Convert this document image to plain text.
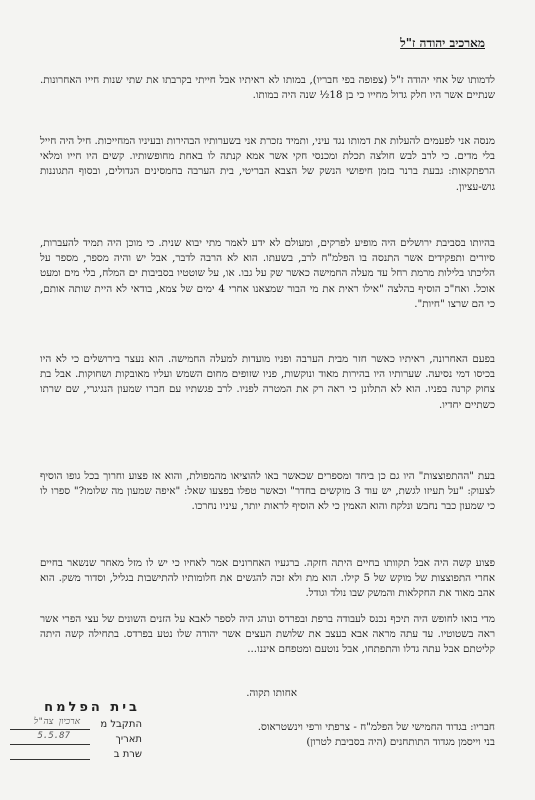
מארכיב יהודה ז"ל
לדמותו של אחי יהודה ז"ל (צפופה בפי חבריו), במותו לא ראיתיו אבל חייתי בקרבתו את שתי שנות חייו האחרונות. שנתיים אשר היו חלק גדול מחייו כי בן 18½ שנה היה במותו.
מנסה אני לפעמים להעלות את דמותו נגד עיני, ותמיד נזכרת אני בשערותיו הבהירות ובעיניו המחייכות. חיל היה חייל בלי מדים. כי לרב לבש חולצה תכלת ומכנסי חקי אשר אמא קנתה לו באחת מחופשותיו. קשים היו חייו ומלאי הרפתקאות: גבעת ברנר בזמן חיפושי הנשק של הצבא הבריטי, בית הערבה בחמסינים הגדולים, ובסוף התגוננות גוש-עציון.
בהיותו בסביבת ירושלים היה מופיע לפרקים, ומעולם לא ידע לאמר מתי יבוא שנית. כי מוכן היה תמיד להעברות, סיורים ותפקידים אשר התנסה בו הפלמ"ח לרב, בשעתו. הוא לא הרבה לדבר, אבל יש והיה מספר, מספר על הליכתו בלילות מרמת רחל עד מעלה החמישה כאשר שק על גבו. או, על שוטטיו בסביבות ים המלח, בלי מים ומעט אוכל. ואח"כ הוסיף בהלצה "אילו ראית את מי הבור שמצאנו אחרי 4 ימים של צמא, בודאי לא היית שותה אותם, כי הם שרצו "חיות".
בפעם האחרונה, ראיתיו כאשר חזר מבית הערבה ופניו מועדות למעלה החמישה. הוא נעצר בירושלים כי לא היו בכיסו דמי נסיעה. שערותיו היו בהירות מאוד ונוקשות, פניו שזופים מחום השמש ועליו מאובקות ושחוקות. אבל בת צחוק קרנה בפניו. הוא לא התלונן כי ראה רק את המטרה לפניו. לרב פגשתיו עם חברו שמעון הנגיגרי, שם שרתו כשתיים יחדיו.
בעת "ההתפוצצות" היו גם כן ביחד ומספרים שכאשר באו להוציאו מהמפולת, והוא אז פצוע וחרוך בכל גופו הוסיף לצעוק: "על תעיזו לגשת, יש עוד 3 מוקשים בחדר" וכאשר טפלו בפצעו שאל: "איפה שמעון מה שלומו?" ספרו לו כי שמעון כבר נחבש ונלקח והוא האמין כי לא הוסיף לראות יותר, עיניו נחרכו.
פצוע קשה היה אבל תקוותו בחיים היתה חזקה. ברגעיו האחרונים אמר לאחיו כי יש לו מזל מאחר שנשאר בחיים אחרי התפוצצות של מוקש של 5 קילו. הוא מת ולא זכה להגשים את חלומותיו להתישבות בגליל, וסדור משק. הוא אהב מאוד את החקלאות והמשק שבו נולד וגודל.
מדי בואו לחופש היה תיכף נכנס לעבודה ברפת ובפרדס ונוהג היה לספר לאבא על הזנים השונים של עצי הפרי אשר ראה בשטוטיו. עד עתה מראה אבא בעצב את שלושת העצים אשר יהודה שלו נטע בפרדס. בתחילה קשה היתה קליטתם אבל עתה גדלו והתפתחו, אבל נוטעם ומטפחם איננו...
אחותו תקוה.
חבריו: בגדוד החמישי של הפלמ"ח - צרפתי ורפי וינשטראוס.
בני וייסמן מגדוד התותחנים (היה בסביבת לטרון)
בית הפלמח
התקבל מ
ארכיון צה"ל
תאריך
5.5.87
שרת ב
